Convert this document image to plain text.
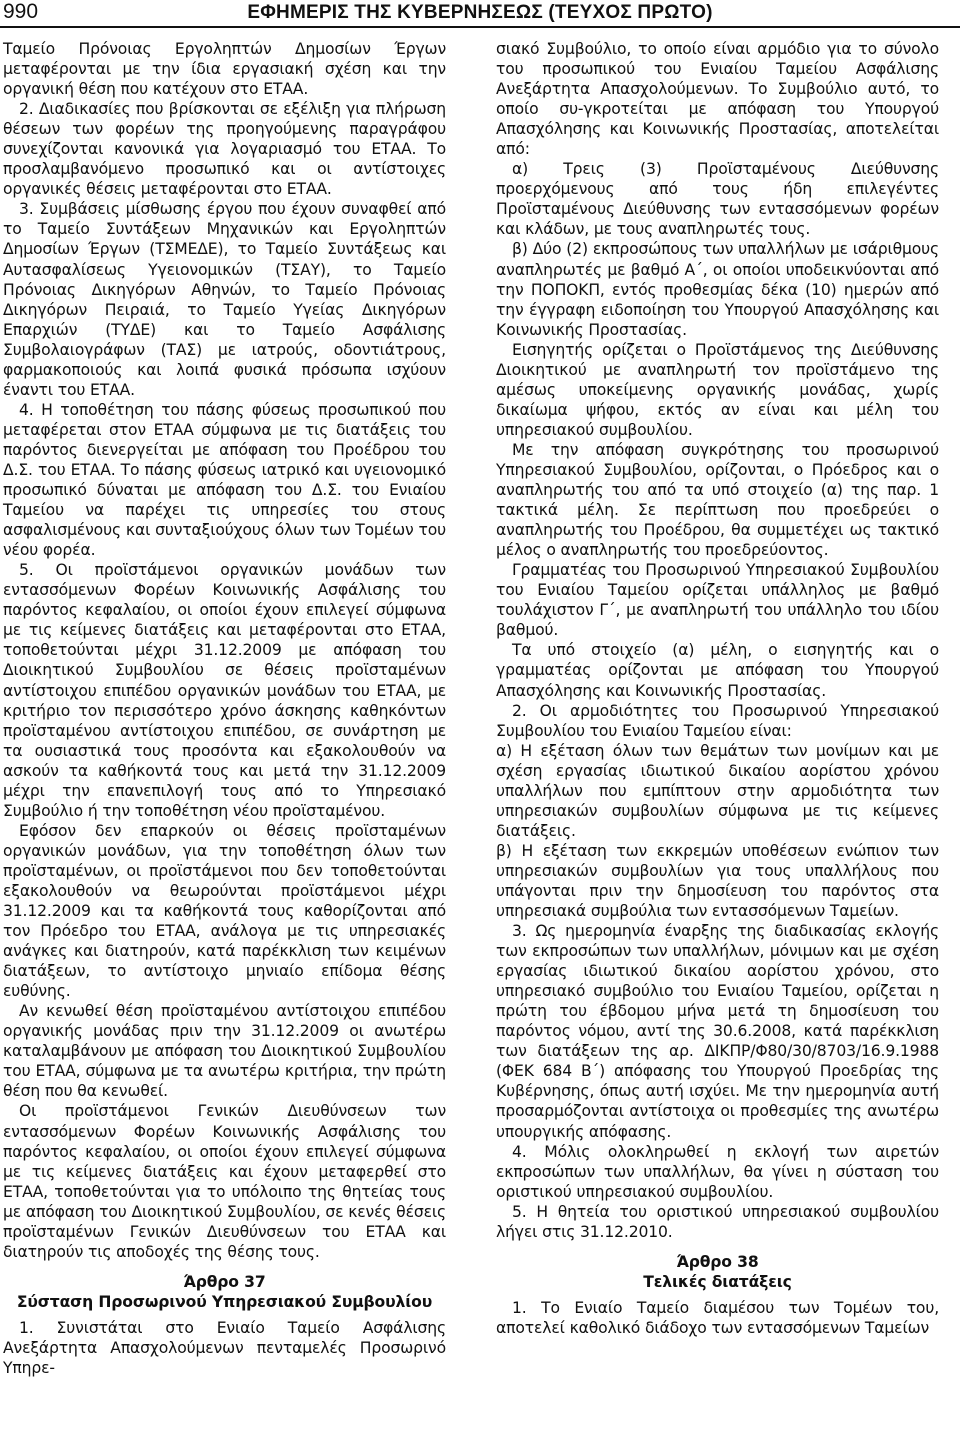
990	ΕΦΗΜΕΡΙΣ ΤΗΣ ΚΥΒΕΡΝΗΣΕΩΣ (ΤΕΥΧΟΣ ΠΡΩΤΟ)

Ταμείο Πρόνοιας Εργοληπτών Δημοσίων Έργων μεταφέρονται με την ίδια εργασιακή σχέση και την οργανική θέση που κατέχουν στο ΕΤΑΑ.

2. Διαδικασίες που βρίσκονται σε εξέλιξη για πλήρωση θέσεων των φορέων της προηγούμενης παραγράφου συνεχίζονται κανονικά για λογαριασμό του ΕΤΑΑ. Το προσλαμβανόμενο προσωπικό και οι αντίστοιχες οργανικές θέσεις μεταφέρονται στο ΕΤΑΑ.

3. Συμβάσεις μίσθωσης έργου που έχουν συναφθεί από το Ταμείο Συντάξεων Μηχανικών και Εργοληπτών Δημοσίων Έργων (ΤΣΜΕΔΕ), το Ταμείο Συντάξεως και Αυτασφαλίσεως Υγειονομικών (ΤΣΑΥ), το Ταμείο Πρόνοιας Δικηγόρων Αθηνών, το Ταμείο Πρόνοιας Δικηγόρων Πειραιά, το Ταμείο Υγείας Δικηγόρων Επαρχιών (ΤΥΔΕ) και το Ταμείο Ασφάλισης Συμβολαιογράφων (ΤΑΣ) με ιατρούς, οδοντιάτρους, φαρμακοποιούς και λοιπά φυσικά πρόσωπα ισχύουν έναντι του ΕΤΑΑ.

4. Η τοποθέτηση του πάσης φύσεως προσωπικού που μεταφέρεται στον ΕΤΑΑ σύμφωνα με τις διατάξεις του παρόντος διενεργείται με απόφαση του Προέδρου του Δ.Σ. του ΕΤΑΑ. Το πάσης φύσεως ιατρικό και υγειονομικό προσωπικό δύναται με απόφαση του Δ.Σ. του Ενιαίου Ταμείου να παρέχει τις υπηρεσίες του στους ασφαλισμένους και συνταξιούχους όλων των Τομέων του νέου φορέα.

5. Οι προϊστάμενοι οργανικών μονάδων των εντασσόμενων Φορέων Κοινωνικής Ασφάλισης του παρόντος κεφαλαίου, οι οποίοι έχουν επιλεγεί σύμφωνα με τις κείμενες διατάξεις και μεταφέρονται στο ΕΤΑΑ, τοποθετούνται μέχρι 31.12.2009 με απόφαση του Διοικητικού Συμβουλίου σε θέσεις προϊσταμένων αντίστοιχου επιπέδου οργανικών μονάδων του ΕΤΑΑ, με κριτήριο τον περισσότερο χρόνο άσκησης καθηκόντων προϊσταμένου αντίστοιχου επιπέδου, σε συνάρτηση με τα ουσιαστικά τους προσόντα και εξακολουθούν να ασκούν τα καθήκοντά τους και μετά την 31.12.2009 μέχρι την επανεπιλογή τους από το Υπηρεσιακό Συμβούλιο ή την τοποθέτηση νέου προϊσταμένου.

Εφόσον δεν επαρκούν οι θέσεις προϊσταμένων οργανικών μονάδων, για την τοποθέτηση όλων των προϊσταμένων, οι προϊστάμενοι που δεν τοποθετούνται εξακολουθούν να θεωρούνται προϊστάμενοι μέχρι 31.12.2009 και τα καθήκοντά τους καθορίζονται από τον Πρόεδρο του ΕΤΑΑ, ανάλογα με τις υπηρεσιακές ανάγκες και διατηρούν, κατά παρέκκλιση των κειμένων διατάξεων, το αντίστοιχο μηνιαίο επίδομα θέσης ευθύνης.

Αν κενωθεί θέση προϊσταμένου αντίστοιχου επιπέδου οργανικής μονάδας πριν την 31.12.2009 οι ανωτέρω καταλαμβάνουν με απόφαση του Διοικητικού Συμβουλίου του ΕΤΑΑ, σύμφωνα με τα ανωτέρω κριτήρια, την πρώτη θέση που θα κενωθεί.

Οι προϊστάμενοι Γενικών Διευθύνσεων των εντασσόμενων Φορέων Κοινωνικής Ασφάλισης του παρόντος κεφαλαίου, οι οποίοι έχουν επιλεγεί σύμφωνα με τις κείμενες διατάξεις και έχουν μεταφερθεί στο ΕΤΑΑ, τοποθετούνται για το υπόλοιπο της θητείας τους με απόφαση του Διοικητικού Συμβουλίου, σε κενές θέσεις προϊσταμένων Γενικών Διευθύνσεων του ΕΤΑΑ και διατηρούν τις αποδοχές της θέσης τους.

Άρθρο 37
Σύσταση Προσωρινού Υπηρεσιακού Συμβουλίου

1. Συνιστάται στο Ενιαίο Ταμείο Ασφάλισης Ανεξάρτητα Απασχολούμενων πενταμελές Προσωρινό Υπηρε-

σιακό Συμβούλιο, το οποίο είναι αρμόδιο για το σύνολο του προσωπικού του Ενιαίου Ταμείου Ασφάλισης Ανεξάρτητα Απασχολούμενων. Το Συμβούλιο αυτό, το οποίο συ-γκροτείται με απόφαση του Υπουργού Απασχόλησης και Κοινωνικής Προστασίας, αποτελείται από:

α) Τρεις (3) Προϊσταμένους Διεύθυνσης προερχόμενους από τους ήδη επιλεγέντες Προϊσταμένους Διεύθυνσης των εντασσόμενων φορέων και κλάδων, με τους αναπληρωτές τους.

β) Δύο (2) εκπροσώπους των υπαλλήλων με ισάριθμους αναπληρωτές με βαθμό Α΄, οι οποίοι υποδεικνύονται από την ΠΟΠΟΚΠ, εντός προθεσμίας δέκα (10) ημερών από την έγγραφη ειδοποίηση του Υπουργού Απασχόλησης και Κοινωνικής Προστασίας.

Εισηγητής ορίζεται ο Προϊστάμενος της Διεύθυνσης Διοικητικού με αναπληρωτή τον προϊστάμενο της αμέσως υποκείμενης οργανικής μονάδας, χωρίς δικαίωμα ψήφου, εκτός αν είναι και μέλη του υπηρεσιακού συμβουλίου.

Με την απόφαση συγκρότησης του προσωρινού Υπηρεσιακού Συμβουλίου, ορίζονται, ο Πρόεδρος και ο αναπληρωτής του από τα υπό στοιχείο (α) της παρ. 1 τακτικά μέλη. Σε περίπτωση που προεδρεύει ο αναπληρωτής του Προέδρου, θα συμμετέχει ως τακτικό μέλος ο αναπληρωτής του προεδρεύοντος.

Γραμματέας του Προσωρινού Υπηρεσιακού Συμβουλίου του Ενιαίου Ταμείου ορίζεται υπάλληλος με βαθμό τουλάχιστον Γ΄, με αναπληρωτή του υπάλληλο του ιδίου βαθμού.

Τα υπό στοιχείο (α) μέλη, ο εισηγητής και ο γραμματέας ορίζονται με απόφαση του Υπουργού Απασχόλησης και Κοινωνικής Προστασίας.

2. Οι αρμοδιότητες του Προσωρινού Υπηρεσιακού Συμβουλίου του Ενιαίου Ταμείου είναι:

α) Η εξέταση όλων των θεμάτων των μονίμων και με σχέση εργασίας ιδιωτικού δικαίου αορίστου χρόνου υπαλλήλων που εμπίπτουν στην αρμοδιότητα των υπηρεσιακών συμβουλίων σύμφωνα με τις κείμενες διατάξεις.

β) Η εξέταση των εκκρεμών υποθέσεων ενώπιον των υπηρεσιακών συμβουλίων για τους υπαλλήλους που υπάγονται πριν την δημοσίευση του παρόντος στα υπηρεσιακά συμβούλια των εντασσόμενων Ταμείων.

3. Ως ημερομηνία έναρξης της διαδικασίας εκλογής των εκπροσώπων των υπαλλήλων, μόνιμων και με σχέση εργασίας ιδιωτικού δικαίου αορίστου χρόνου, στο υπηρεσιακό συμβούλιο του Ενιαίου Ταμείου, ορίζεται η πρώτη του έβδομου μήνα μετά τη δημοσίευση του παρόντος νόμου, αντί της 30.6.2008, κατά παρέκκλιση των διατάξεων της αρ. ΔΙΚΠΡ/Φ80/30/8703/16.9.1988 (ΦΕΚ 684 Β΄) απόφασης του Υπουργού Προεδρίας της Κυβέρνησης, όπως αυτή ισχύει. Με την ημερομηνία αυτή προσαρμόζονται αντίστοιχα οι προθεσμίες της ανωτέρω υπουργικής απόφασης.

4. Μόλις ολοκληρωθεί η εκλογή των αιρετών εκπροσώπων των υπαλλήλων, θα γίνει η σύσταση του οριστικού υπηρεσιακού συμβουλίου.

5. Η θητεία του οριστικού υπηρεσιακού συμβουλίου λήγει στις 31.12.2010.

Άρθρο 38
Τελικές διατάξεις

1. Το Ενιαίο Ταμείο διαμέσου των Τομέων του, αποτελεί καθολικό διάδοχο των εντασσόμενων Ταμείων
